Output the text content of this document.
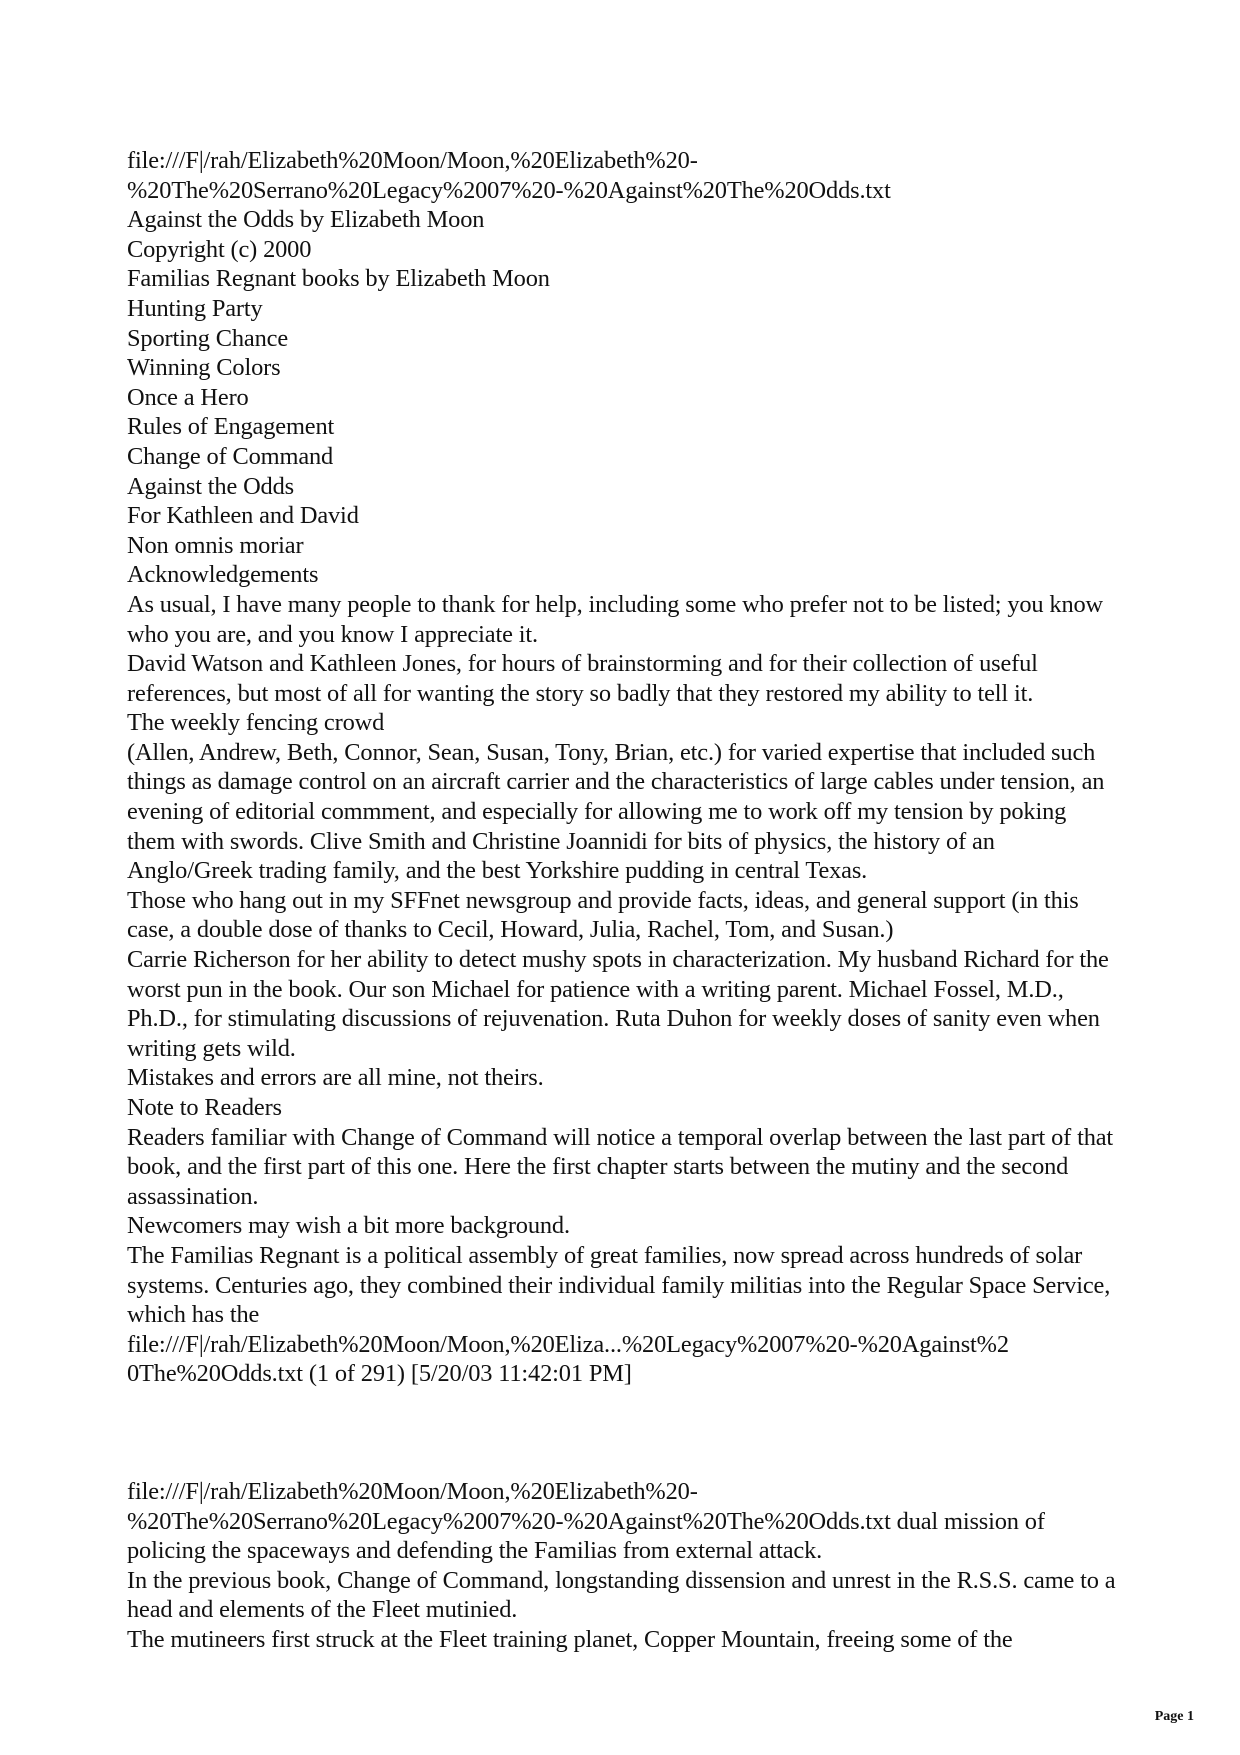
file:///F|/rah/Elizabeth%20Moon/Moon,%20Elizabeth%20-%20The%20Serrano%20Legacy%2007%20-%20Against%20The%20Odds.txt

Against the Odds by Elizabeth Moon

Copyright (c) 2000

Familias Regnant books by Elizabeth Moon

Hunting Party

Sporting Chance

Winning Colors

Once a Hero

Rules of Engagement

Change of Command

Against the Odds

For Kathleen and David

Non omnis moriar

Acknowledgements

As usual, I have many people to thank for help, including some who prefer not to be listed; you know who you are, and you know I appreciate it.

David Watson and Kathleen Jones, for hours of brainstorming and for their collection of useful references, but most of all for wanting the story so badly that they restored my ability to tell it.

The weekly fencing crowd

(Allen, Andrew, Beth, Connor, Sean, Susan, Tony, Brian, etc.) for varied expertise that included such things as damage control on an aircraft carrier and the characteristics of large cables under tension, an evening of editorial commment, and especially for allowing me to work off my tension by poking them with swords. Clive Smith and Christine Joannidi for bits of physics, the history of an Anglo/Greek trading family, and the best Yorkshire pudding in central Texas.

Those who hang out in my SFFnet newsgroup and provide facts, ideas, and general support (in this case, a double dose of thanks to Cecil, Howard, Julia, Rachel, Tom, and Susan.)

Carrie Richerson for her ability to detect mushy spots in characterization. My husband Richard for the worst pun in the book. Our son Michael for patience with a writing parent. Michael Fossel, M.D., Ph.D., for stimulating discussions of rejuvenation. Ruta Duhon for weekly doses of sanity even when writing gets wild.

Mistakes and errors are all mine, not theirs.

Note to Readers

Readers familiar with Change of Command will notice a temporal overlap between the last part of that book, and the first part of this one. Here the first chapter starts between the mutiny and the second assassination.

Newcomers may wish a bit more background.

The Familias Regnant is a political assembly of great families, now spread across hundreds of solar systems. Centuries ago, they combined their individual family militias into the Regular Space Service, which has the

file:///F|/rah/Elizabeth%20Moon/Moon,%20Eliza...%20Legacy%2007%20-%20Against%2 0The%20Odds.txt (1 of 291) [5/20/03 11:42:01 PM]

file:///F|/rah/Elizabeth%20Moon/Moon,%20Elizabeth%20-%20The%20Serrano%20Legacy%2007%20-%20Against%20The%20Odds.txt dual mission of policing the spaceways and defending the Familias from external attack.

In the previous book, Change of Command, longstanding dissension and unrest in the R.S.S. came to a head and elements of the Fleet mutinied.

The mutineers first struck at the Fleet training planet, Copper Mountain, freeing some of the

Page 1
